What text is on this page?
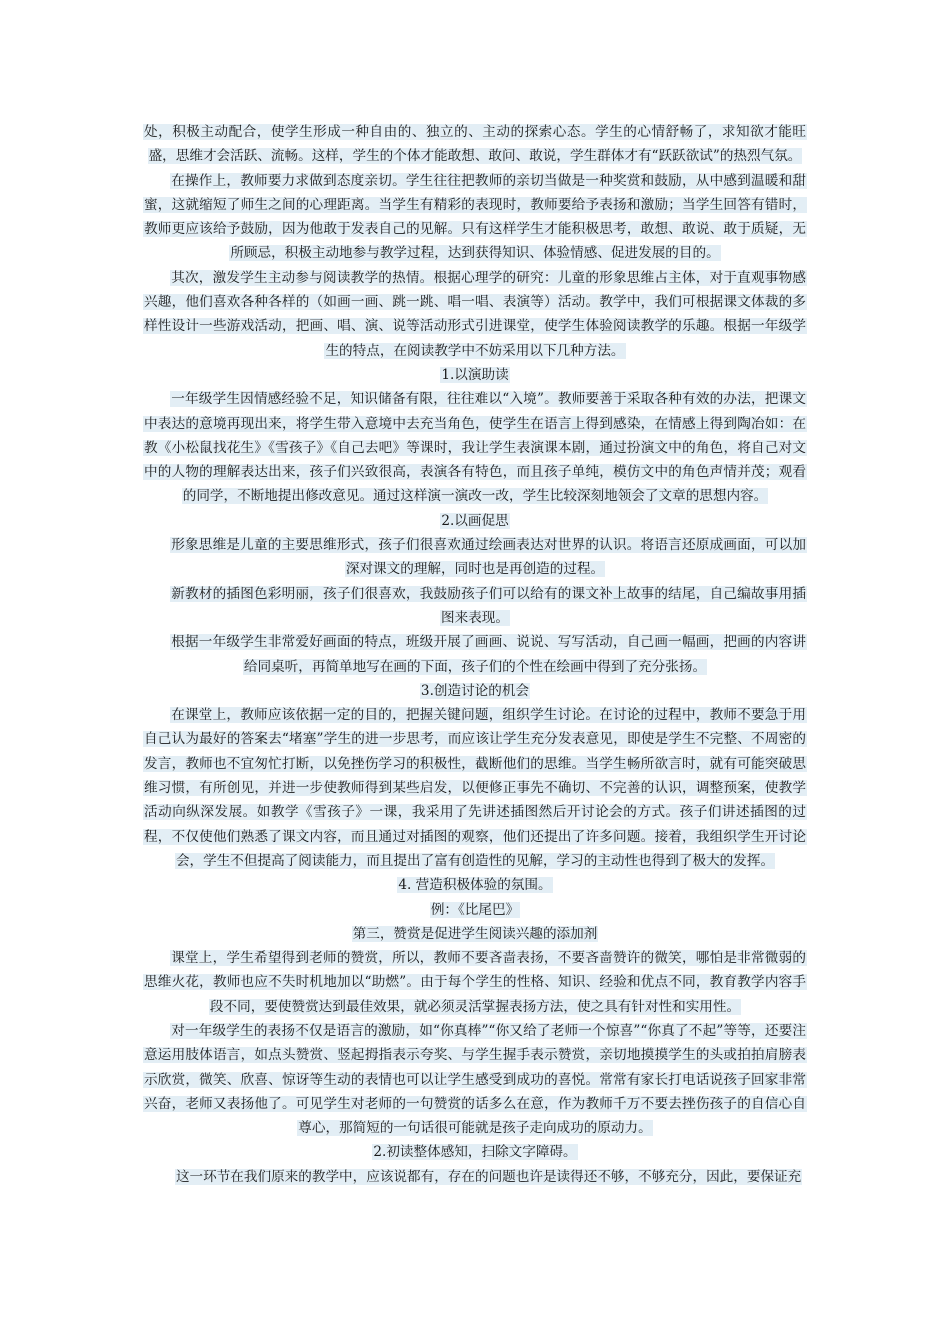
处，积极主动配合，使学生形成一种自由的、独立的、主动的探索心态。学生的心情舒畅了，求知欲才能旺盛，思维才会活跃、流畅。这样，学生的个体才能敢想、敢问、敢说，学生群体才有“跃跃欲试”的热烈气氛。

在操作上，教师要力求做到态度亲切。学生往往把教师的亲切当做是一种奖赏和鼓励，从中感到温暖和甜蜜，这就缩短了师生之间的心理距离。当学生有精彩的表现时，教师要给予表扬和激励；当学生回答有错时，教师更应该给予鼓励，因为他敢于发表自己的见解。只有这样学生才能积极思考，敢想、敢说、敢于质疑，无所顾忌，积极主动地参与教学过程，达到获得知识、体验情感、促进发展的目的。

其次，激发学生主动参与阅读教学的热情。根据心理学的研究：儿童的形象思维占主体，对于直观事物感兴趣，他们喜欢各种各样的（如画一画、跳一跳、唱一唱、表演等）活动。教学中，我们可根据课文体裁的多样性设计一些游戏活动，把画、唱、演、说等活动形式引进课堂，使学生体验阅读教学的乐趣。根据一年级学生的特点，在阅读教学中不妨采用以下几种方法。

1.以演助读

一年级学生因情感经验不足，知识储备有限，往往难以“入境”。教师要善于采取各种有效的办法，把课文中表达的意境再现出来，将学生带入意境中去充当角色，使学生在语言上得到感染，在情感上得到陶冶如：在教《小松鼠找花生》《雪孩子》《自己去吧》等课时，我让学生表演课本剧，通过扮演文中的角色，将自己对文中的人物的理解表达出来，孩子们兴致很高，表演各有特色，而且孩子单纯，模仿文中的角色声情并茂；观看的同学，不断地提出修改意见。通过这样演一演改一改，学生比较深刻地领会了文章的思想内容。

2.以画促思

形象思维是儿童的主要思维形式，孩子们很喜欢通过绘画表达对世界的认识。将语言还原成画面，可以加深对课文的理解，同时也是再创造的过程。

新教材的插图色彩明丽，孩子们很喜欢，我鼓励孩子们可以给有的课文补上故事的结尾，自己编故事用插图来表现。

根据一年级学生非常爱好画面的特点，班级开展了画画、说说、写写活动，自己画一幅画，把画的内容讲给同桌听，再简单地写在画的下面，孩子们的个性在绘画中得到了充分张扬。

3.创造讨论的机会

在课堂上，教师应该依据一定的目的，把握关键问题，组织学生讨论。在讨论的过程中，教师不要急于用自己认为最好的答案去“堵塞”学生的进一步思考，而应该让学生充分发表意见，即使是学生不完整、不周密的发言，教师也不宜匆忙打断，以免挫伤学习的积极性，截断他们的思维。当学生畅所欲言时，就有可能突破思维习惯，有所创见，并进一步使教师得到某些启发，以便修正事先不确切、不完善的认识，调整预案，使教学活动向纵深发展。如教学《雪孩子》一课，我采用了先讲述插图然后开讨论会的方式。孩子们讲述插图的过程，不仅使他们熟悉了课文内容，而且通过对插图的观察，他们还提出了许多问题。接着，我组织学生开讨论会，学生不但提高了阅读能力，而且提出了富有创造性的见解，学习的主动性也得到了极大的发挥。

4. 营造积极体验的氛围。

例：《比尾巴》

第三，赞赏是促进学生阅读兴趣的添加剂

课堂上，学生希望得到老师的赞赏，所以，教师不要吝啬表扬，不要吝啬赞许的微笑，哪怕是非常微弱的思维火花，教师也应不失时机地加以“助燃”。由于每个学生的性格、知识、经验和优点不同，教育教学内容手段不同，要使赞赏达到最佳效果，就必须灵活掌握表扬方法，使之具有针对性和实用性。

对一年级学生的表扬不仅是语言的激励，如“你真棒”“你又给了老师一个惊喜”“你真了不起”等等，还要注意运用肢体语言，如点头赞赏、竖起拇指表示夸奖、与学生握手表示赞赏，亲切地摸摸学生的头或拍拍肩膀表示欣赏，微笑、欣喜、惊讶等生动的表情也可以让学生感受到成功的喜悦。常常有家长打电话说孩子回家非常兴奋，老师又表扬他了。可见学生对老师的一句赞赏的话多么在意，作为教师千万不要去挫伤孩子的自信心自尊心，那简短的一句话很可能就是孩子走向成功的原动力。

2.初读整体感知，扫除文字障碍。

这一环节在我们原来的教学中，应该说都有，存在的问题也许是读得还不够，不够充分，因此，要保证充
